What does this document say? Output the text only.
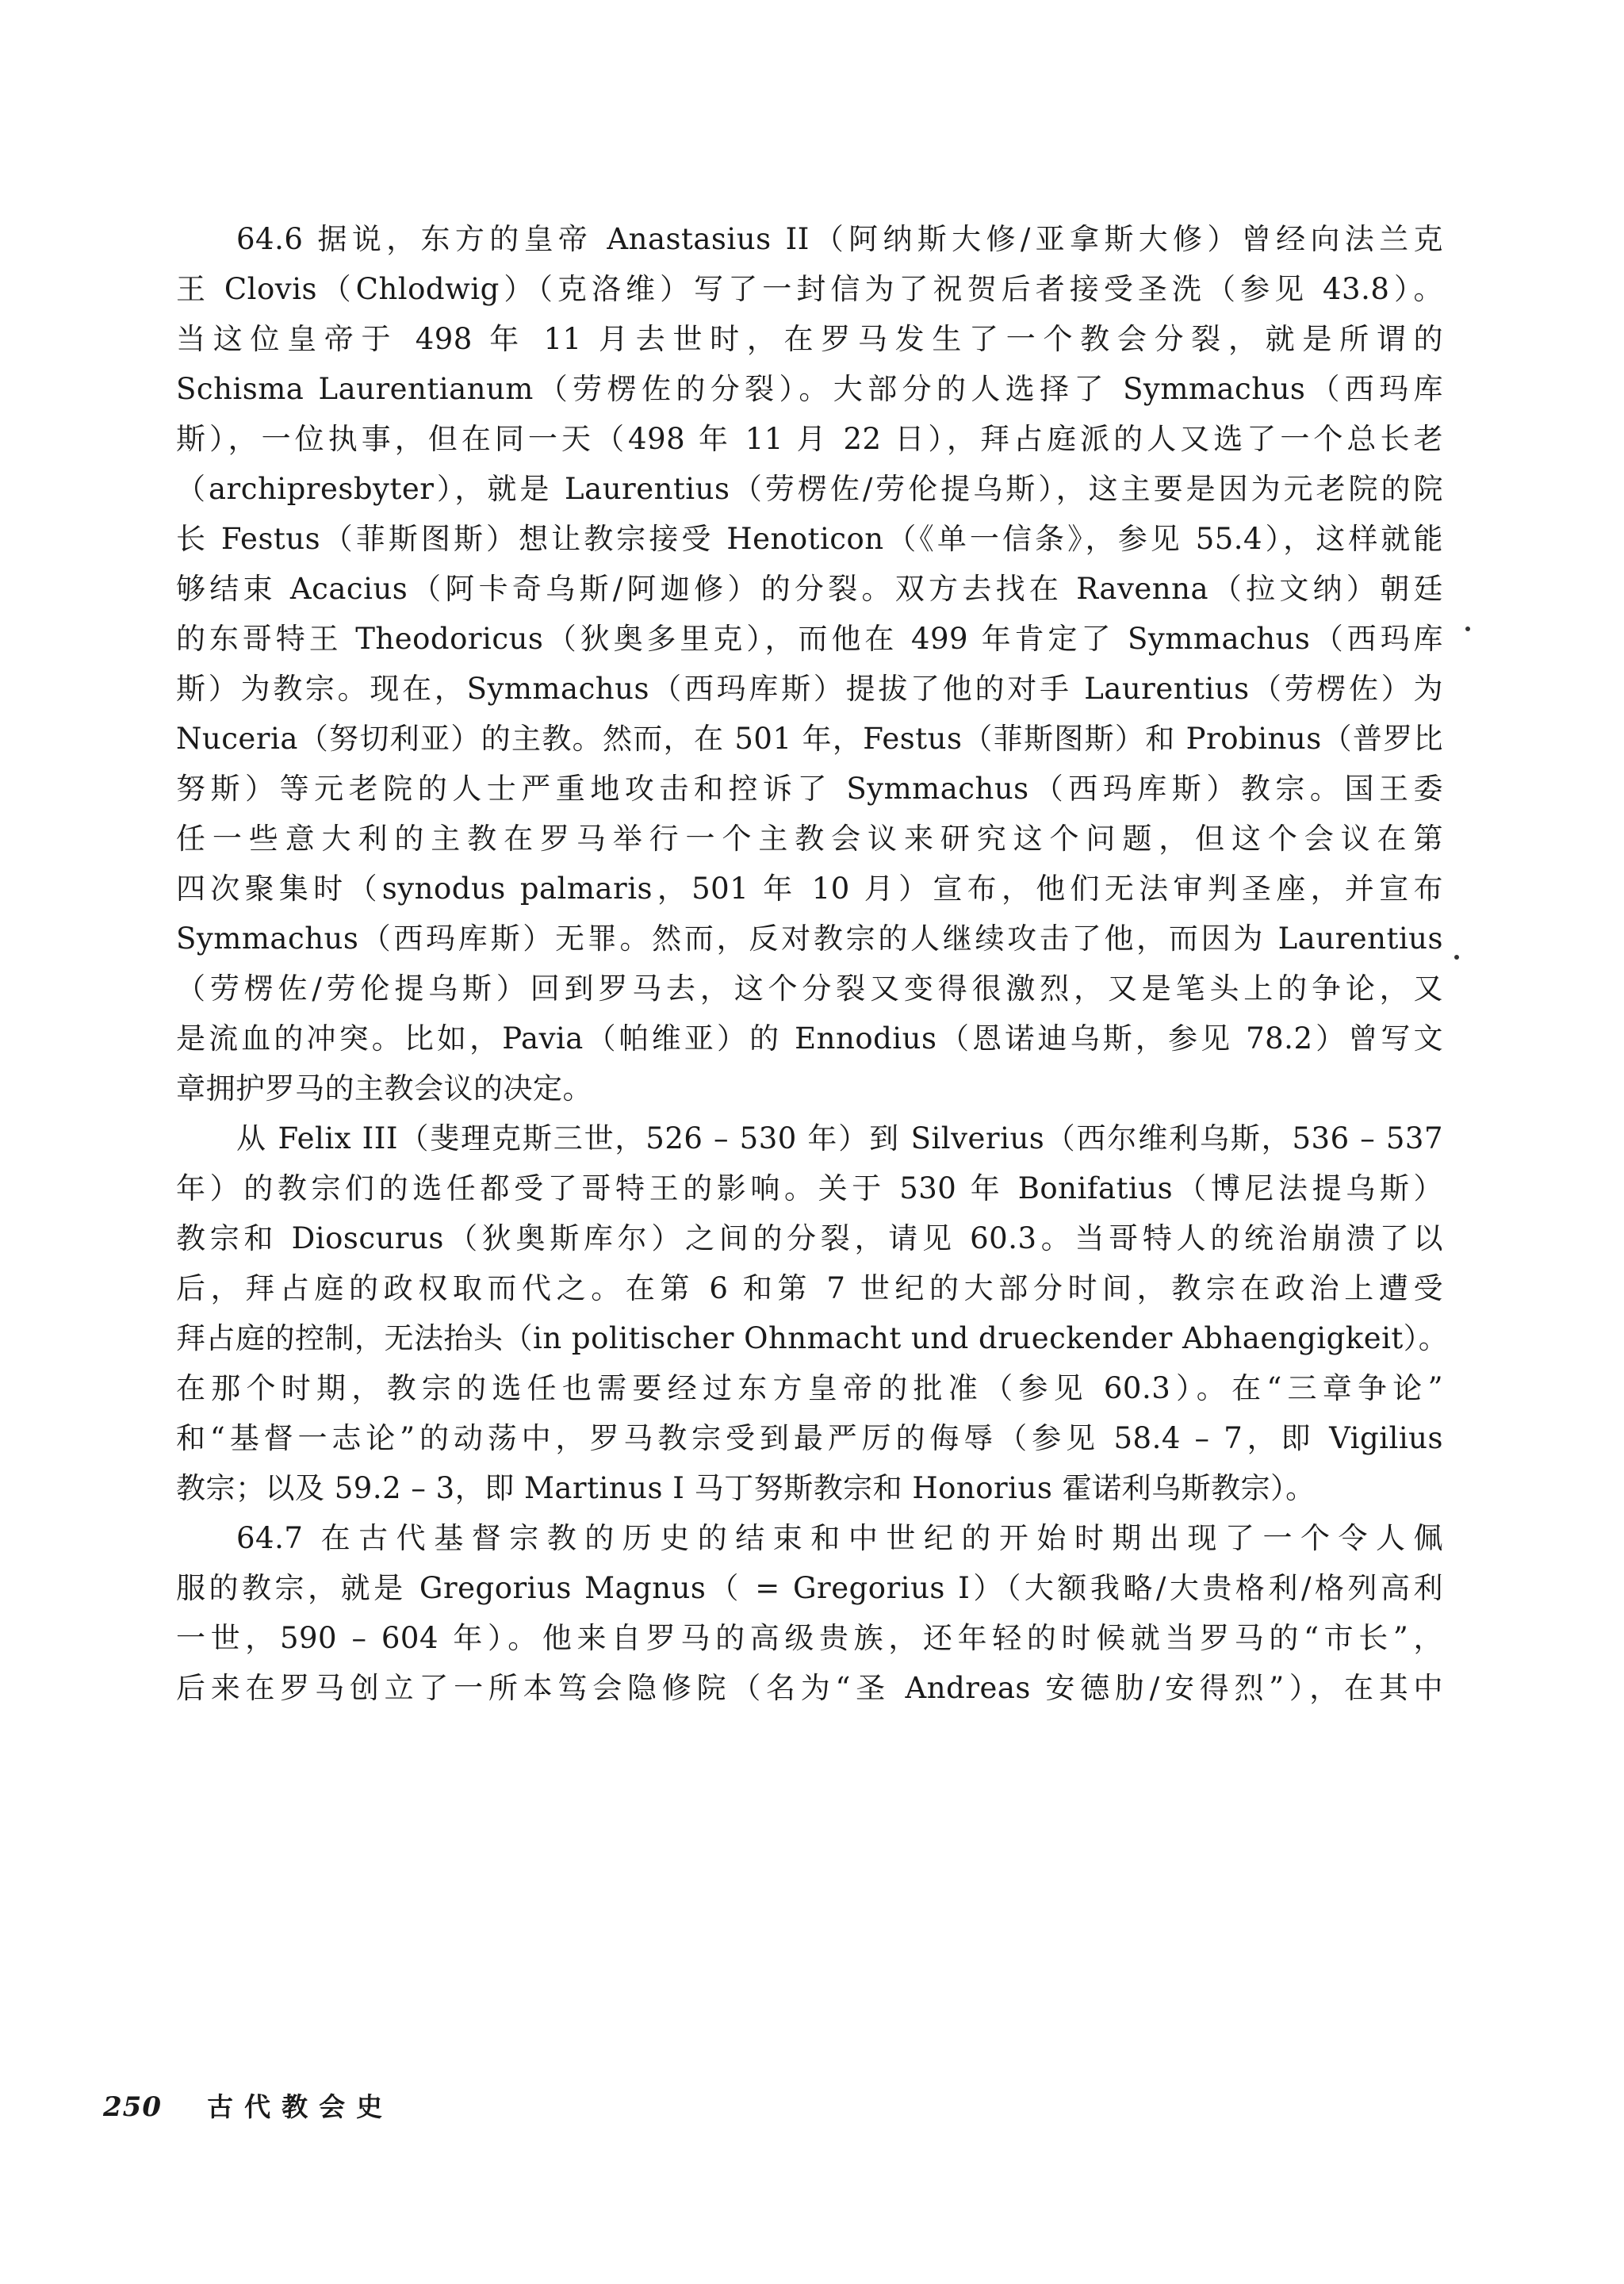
64.6 据说，东方的皇帝 Anastasius II（阿纳斯大修/亚拿斯大修）曾经向法兰克
王 Clovis（Chlodwig）（克洛维）写了一封信为了祝贺后者接受圣洗（参见 43.8）。
当这位皇帝于 498 年 11 月去世时，在罗马发生了一个教会分裂，就是所谓的
Schisma Laurentianum（劳楞佐的分裂）。大部分的人选择了 Symmachus（西玛库
斯），一位执事，但在同一天（498 年 11 月 22 日），拜占庭派的人又选了一个总长老
（archipresbyter），就是 Laurentius（劳楞佐/劳伦提乌斯），这主要是因为元老院的院
长 Festus（菲斯图斯）想让教宗接受 Henoticon（《单一信条》，参见 55.4），这样就能
够结束 Acacius（阿卡奇乌斯/阿迦修）的分裂。双方去找在 Ravenna（拉文纳）朝廷
的东哥特王 Theodoricus（狄奥多里克），而他在 499 年肯定了 Symmachus（西玛库
斯）为教宗。现在，Symmachus（西玛库斯）提拔了他的对手 Laurentius（劳楞佐）为
Nuceria（努切利亚）的主教。然而，在 501 年，Festus（菲斯图斯）和 Probinus（普罗比
努斯）等元老院的人士严重地攻击和控诉了 Symmachus（西玛库斯）教宗。国王委
任一些意大利的主教在罗马举行一个主教会议来研究这个问题，但这个会议在第
四次聚集时（synodus palmaris，501 年 10 月）宣布，他们无法审判圣座，并宣布
Symmachus（西玛库斯）无罪。然而，反对教宗的人继续攻击了他，而因为 Laurentius
（劳楞佐/劳伦提乌斯）回到罗马去，这个分裂又变得很激烈，又是笔头上的争论，又
是流血的冲突。比如，Pavia（帕维亚）的 Ennodius（恩诺迪乌斯，参见 78.2）曾写文
章拥护罗马的主教会议的决定。
从 Felix III（斐理克斯三世，526 – 530 年）到 Silverius（西尔维利乌斯，536 – 537
年）的教宗们的选任都受了哥特王的影响。关于 530 年 Bonifatius（博尼法提乌斯）
教宗和 Dioscurus（狄奥斯库尔）之间的分裂，请见 60.3。当哥特人的统治崩溃了以
后，拜占庭的政权取而代之。在第 6 和第 7 世纪的大部分时间，教宗在政治上遭受
拜占庭的控制，无法抬头（in politischer Ohnmacht und drueckender Abhaengigkeit）。
在那个时期，教宗的选任也需要经过东方皇帝的批准（参见 60.3）。在“三章争论”
和“基督一志论”的动荡中，罗马教宗受到最严厉的侮辱（参见 58.4 – 7，即 Vigilius
教宗；以及 59.2 – 3，即 Martinus I 马丁努斯教宗和 Honorius 霍诺利乌斯教宗）。
64.7 在古代基督宗教的历史的结束和中世纪的开始时期出现了一个令人佩
服的教宗，就是 Gregorius Magnus（ = Gregorius I）（大额我略/大贵格利/格列高利
一世，590 – 604 年）。他来自罗马的高级贵族，还年轻的时候就当罗马的“市长”，
后来在罗马创立了一所本笃会隐修院（名为“圣 Andreas 安德肋/安得烈”），在其中
250 古代教会史
